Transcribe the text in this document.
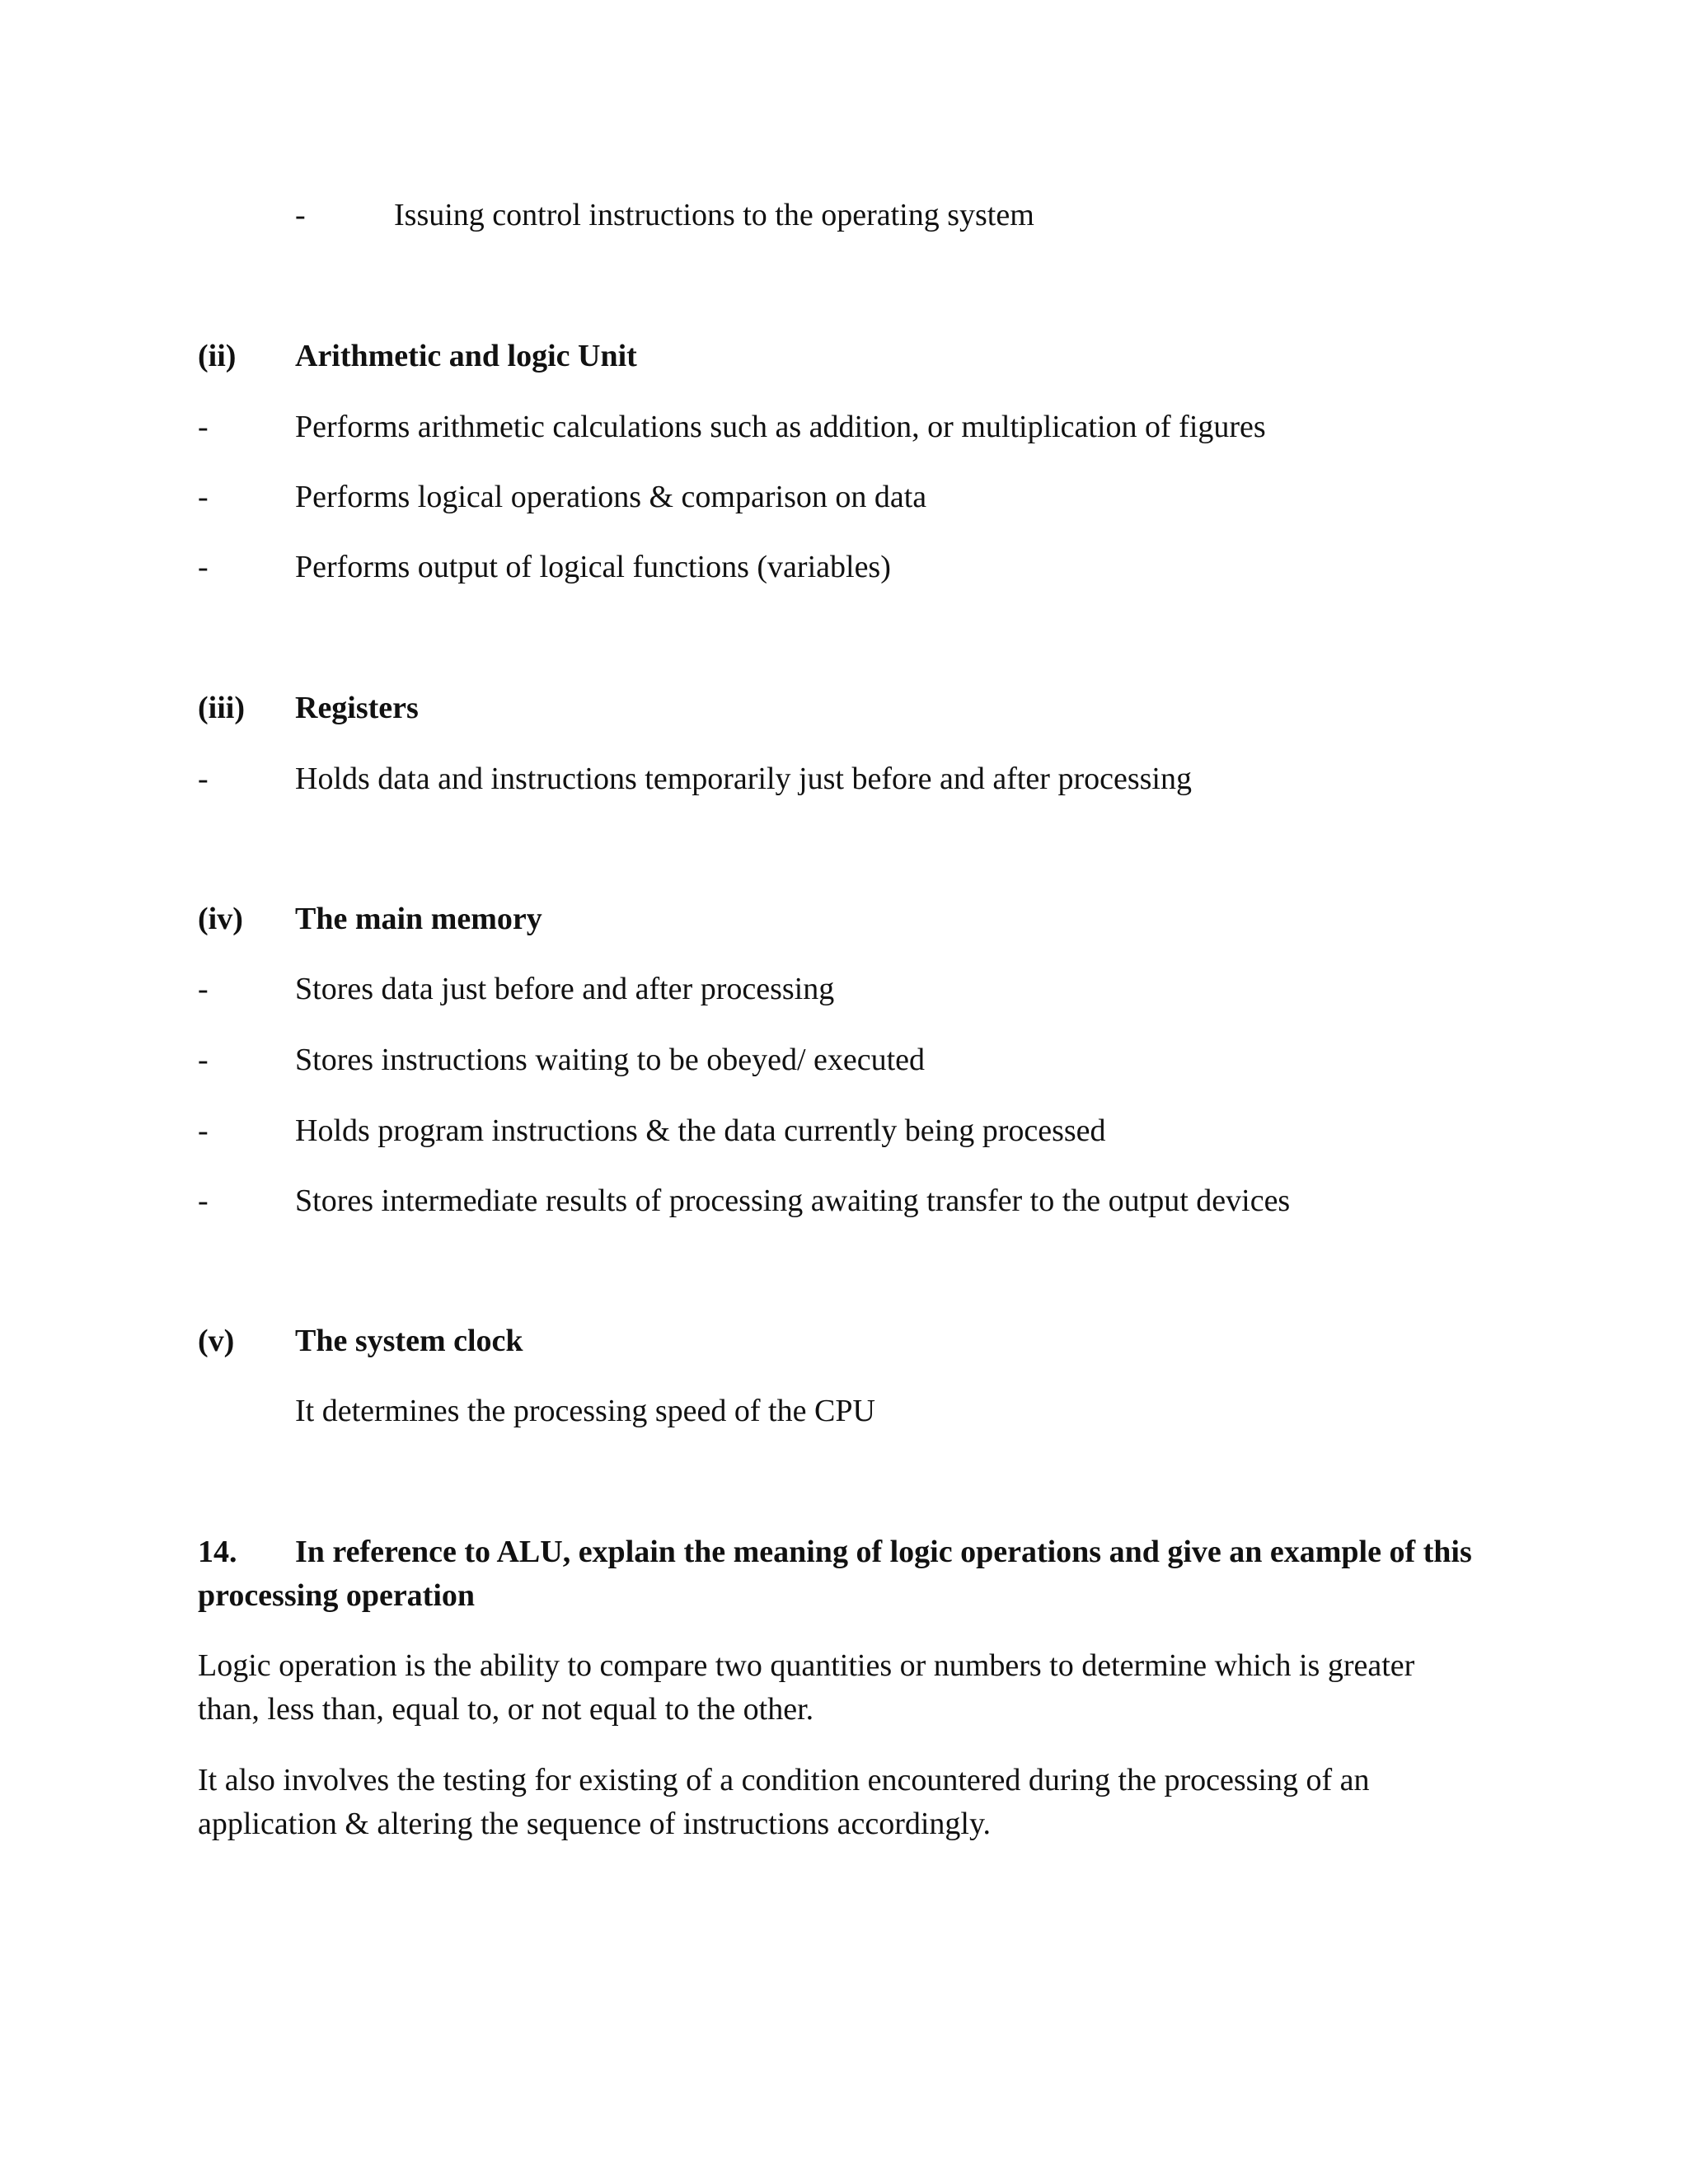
-	Issuing control instructions to the operating system
(ii) Arithmetic and logic Unit
-	Performs arithmetic calculations such as addition, or multiplication of figures
-	Performs logical operations & comparison on data
-	Performs output of logical functions (variables)
(iii) Registers
-	Holds data and instructions temporarily just before and after processing
(iv) The main memory
-	Stores data just before and after processing
-	Stores instructions waiting to be obeyed/ executed
-	Holds program instructions & the data currently being processed
-	Stores intermediate results of processing awaiting transfer to the output devices
(v) The system clock
It determines the processing speed of the CPU
14. In reference to ALU, explain the meaning of logic operations and give an example of this processing operation

Logic operation is the ability to compare two quantities or numbers to determine which is greater than, less than, equal to, or not equal to the other.

It also involves the testing for existing of a condition encountered during the processing of an application & altering the sequence of instructions accordingly.
